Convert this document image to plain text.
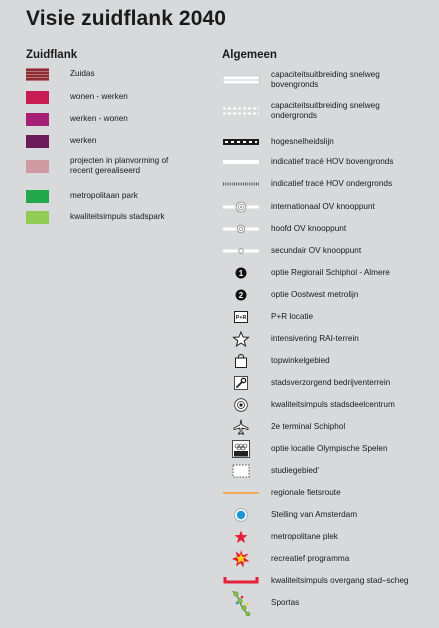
Visie zuidflank 2040
Zuidflank	Algemeen
Zuidas
wonen - werken
werken - wonen
werken
projecten in planvorming of
recent gerealiseerd
metropolitaan park
kwaliteitsimpuls stadspark
capaciteitsuitbreiding snelweg
bovengronds
capaciteitsuitbreiding snelweg
ondergronds
hogesnelheidslijn
indicatief tracé HOV bovengronds
indicatief tracé HOV ondergronds
internationaal OV knooppunt
hoofd OV knooppunt
secundair OV knooppunt
1	optie Regiorail Schiphol - Almere
2	optie Oostwest metrolijn
P+R	P+R locatie
intensivering RAI-terrein
topwinkelgebied
stadsverzorgend bedrijventerrein
kwaliteitsimpuls stadsdeelcentrum
2e terminal Schiphol
optie locatie Olympische Spelen
studiegebied'
regionale fietsroute
Stelling van Amsterdam
metropolitane plek
recreatief programma
kwaliteitsimpuls overgang stad–scheg
Sportas
